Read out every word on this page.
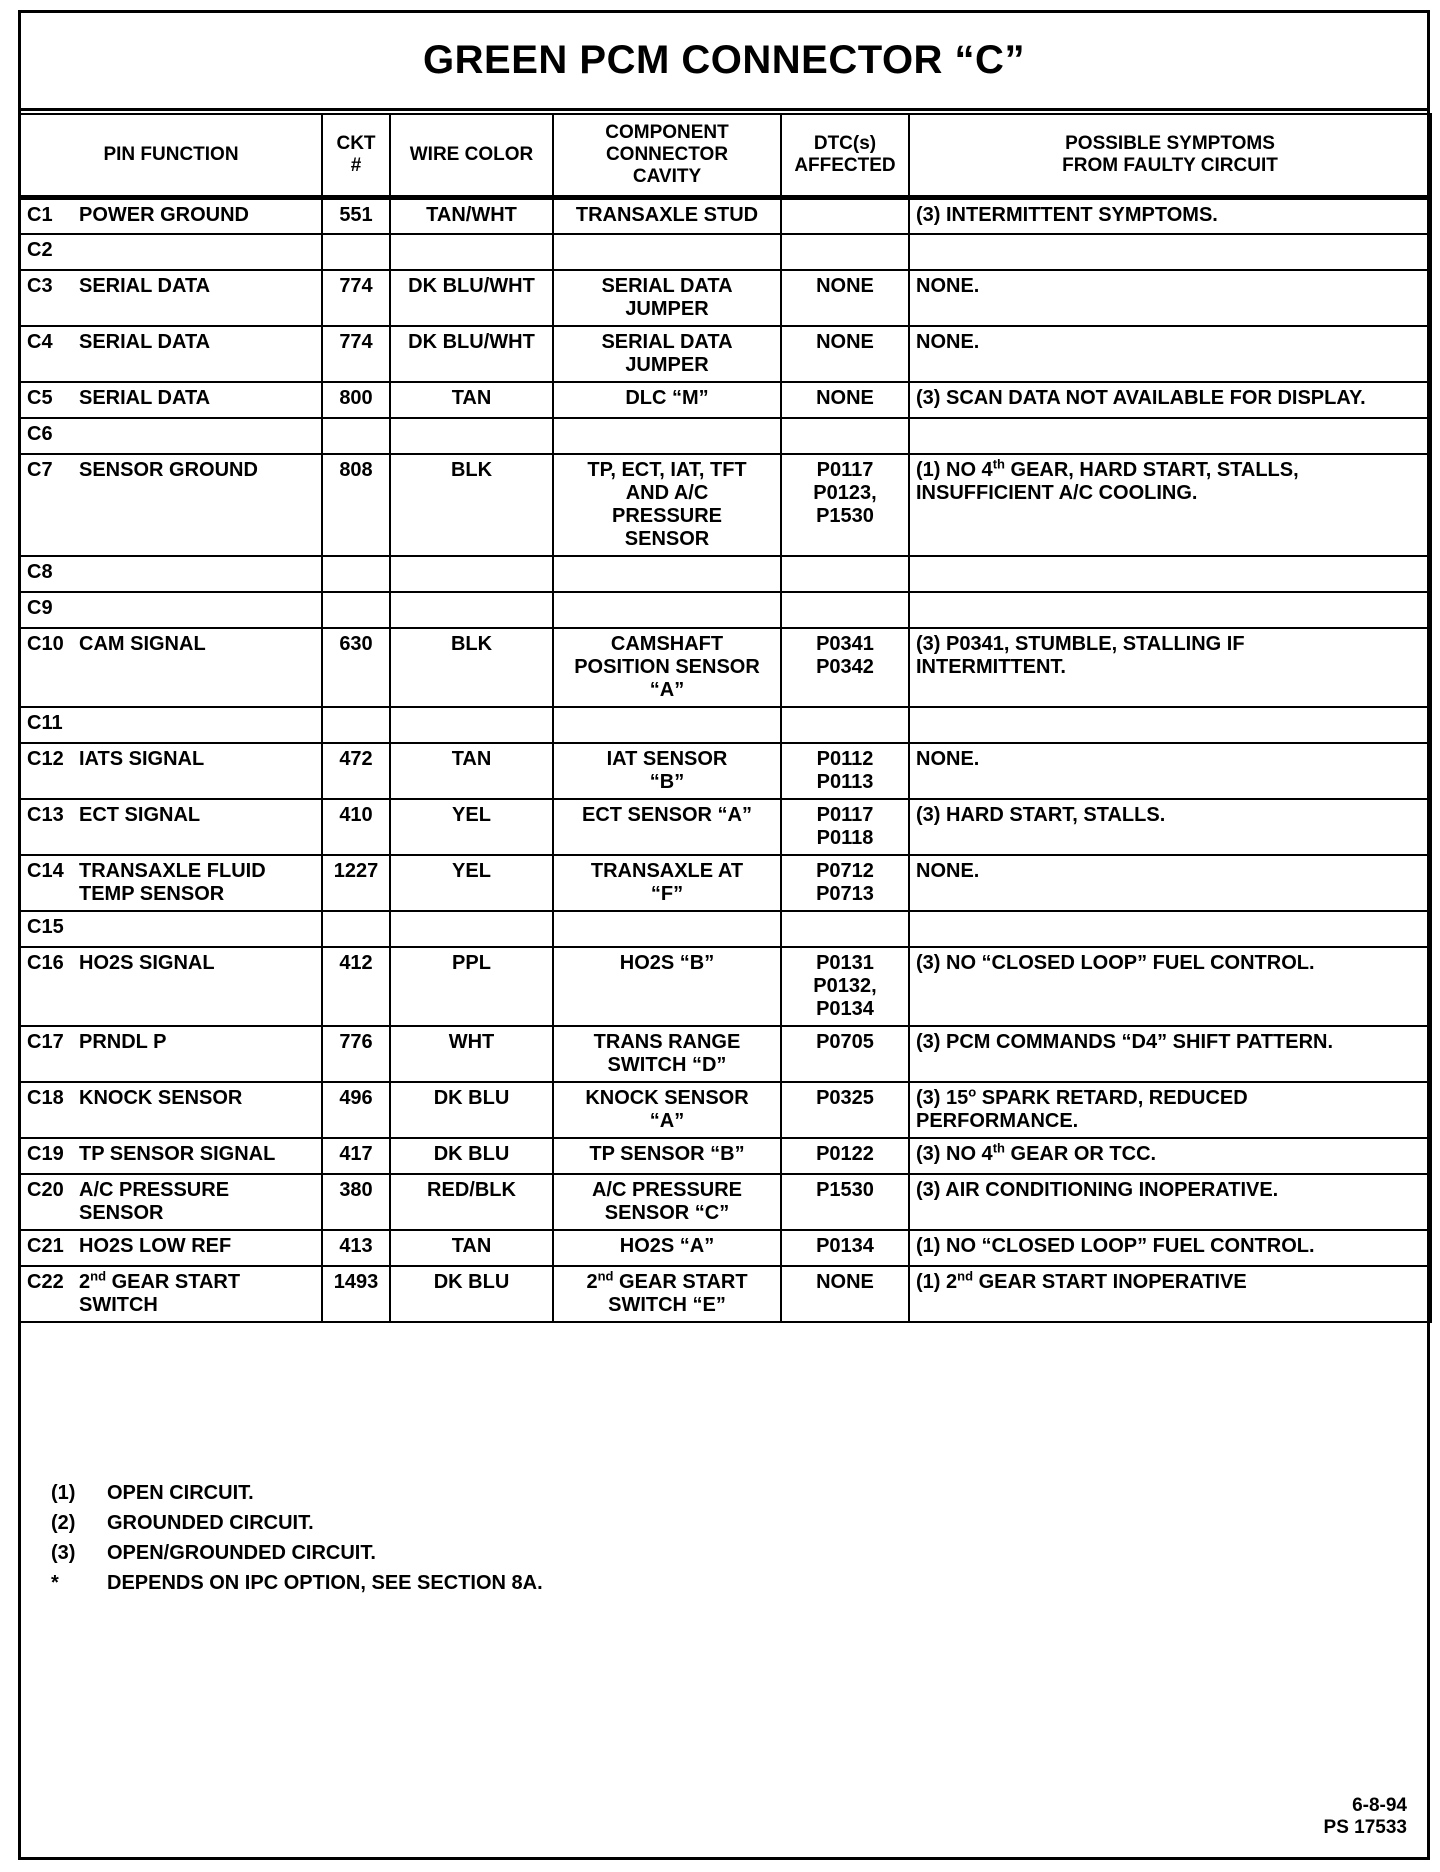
GREEN PCM CONNECTOR “C”
PIN FUNCTION	CKT
#	WIRE COLOR	COMPONENT
CONNECTOR
CAVITY	DTC(s)
AFFECTED	POSSIBLE SYMPTOMS
FROM FAULTY CIRCUIT

C1 POWER GROUND	551	TAN/WHT	TRANSAXLE STUD		(3) INTERMITTENT SYMPTOMS.

C2					

C3 SERIAL DATA	774	DK BLU/WHT	SERIAL DATA
JUMPER	NONE	NONE.

C4 SERIAL DATA	774	DK BLU/WHT	SERIAL DATA
JUMPER	NONE	NONE.

C5 SERIAL DATA	800	TAN	DLC “M”	NONE	(3) SCAN DATA NOT AVAILABLE FOR DISPLAY.

C6					

C7 SENSOR GROUND	808	BLK	TP, ECT, IAT, TFT
AND A/C
PRESSURE
SENSOR	P0117
P0123,
P1530	(1) NO 4th GEAR, HARD START, STALLS,
INSUFFICIENT A/C COOLING.

C8					

C9					

C10 CAM SIGNAL	630	BLK	CAMSHAFT
POSITION SENSOR
“A”	P0341
P0342	(3) P0341, STUMBLE, STALLING IF
INTERMITTENT.

C11					

C12 IATS SIGNAL	472	TAN	IAT SENSOR
“B”	P0112
P0113	NONE.

C13 ECT SIGNAL	410	YEL	ECT SENSOR “A”	P0117
P0118	(3) HARD START, STALLS.

C14 TRANSAXLE FLUID
TEMP SENSOR	1227	YEL	TRANSAXLE AT
“F”	P0712
P0713	NONE.

C15					

C16 HO2S SIGNAL	412	PPL	HO2S “B”	P0131
P0132,
P0134	(3) NO “CLOSED LOOP” FUEL CONTROL.

C17 PRNDL P	776	WHT	TRANS RANGE
SWITCH “D”	P0705	(3) PCM COMMANDS “D4” SHIFT PATTERN.

C18 KNOCK SENSOR	496	DK BLU	KNOCK SENSOR
“A”	P0325	(3) 15$^o$ SPARK RETARD, REDUCED
PERFORMANCE.

C19 TP SENSOR SIGNAL	417	DK BLU	TP SENSOR “B”	P0122	(3) NO 4th GEAR OR TCC.

C20 A/C PRESSURE
SENSOR	380	RED/BLK	A/C PRESSURE
SENSOR “C”	P1530	(3) AIR CONDITIONING INOPERATIVE.

C21 HO2S LOW REF	413	TAN	HO2S “A”	P0134	(1) NO “CLOSED LOOP” FUEL CONTROL.

C22 2nd GEAR START
SWITCH	1493	DK BLU	2nd GEAR START
SWITCH “E”	NONE	(1) 2nd GEAR START INOPERATIVE
(1)	OPEN CIRCUIT.
(2)	GROUNDED CIRCUIT.
(3)	OPEN/GROUNDED CIRCUIT.
*	DEPENDS ON IPC OPTION, SEE SECTION 8A.
6-8-94
PS 17533
